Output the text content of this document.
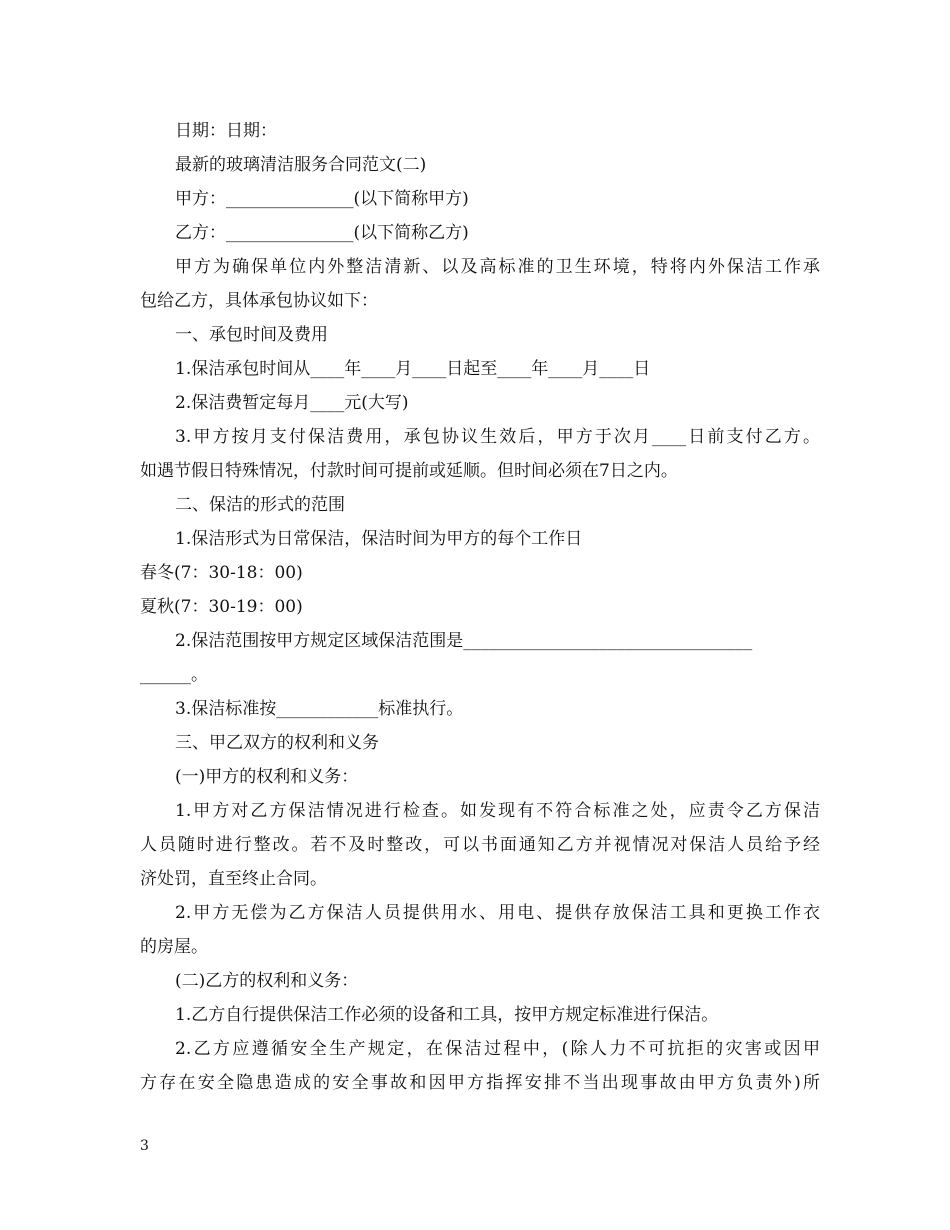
日期：日期：
最新的玻璃清洁服务合同范文(二)
甲方：_______________(以下简称甲方)
乙方：_______________(以下简称乙方)
甲方为确保单位内外整洁清新、以及高标准的卫生环境，特将内外保洁工作承
包给乙方，具体承包协议如下：
一、承包时间及费用
1.保洁承包时间从____年____月____日起至____年____月____日
2.保洁费暂定每月____元(大写)
3.甲方按月支付保洁费用，承包协议生效后，甲方于次月____日前支付乙方。
如遇节假日特殊情况，付款时间可提前或延顺。但时间必须在7日之内。
二、保洁的形式的范围
1.保洁形式为日常保洁，保洁时间为甲方的每个工作日
春冬(7：30-18：00)
夏秋(7：30-19：00)
2.保洁范围按甲方规定区域保洁范围是__________________________________
______。
3.保洁标准按____________标准执行。
三、甲乙双方的权利和义务
(一)甲方的权利和义务：
1.甲方对乙方保洁情况进行检查。如发现有不符合标准之处，应责令乙方保洁
人员随时进行整改。若不及时整改，可以书面通知乙方并视情况对保洁人员给予经
济处罚，直至终止合同。
2.甲方无偿为乙方保洁人员提供用水、用电、提供存放保洁工具和更换工作衣
的房屋。
(二)乙方的权利和义务：
1.乙方自行提供保洁工作必须的设备和工具，按甲方规定标准进行保洁。
2.乙方应遵循安全生产规定，在保洁过程中，(除人力不可抗拒的灾害或因甲
方存在安全隐患造成的安全事故和因甲方指挥安排不当出现事故由甲方负责外)所
3
